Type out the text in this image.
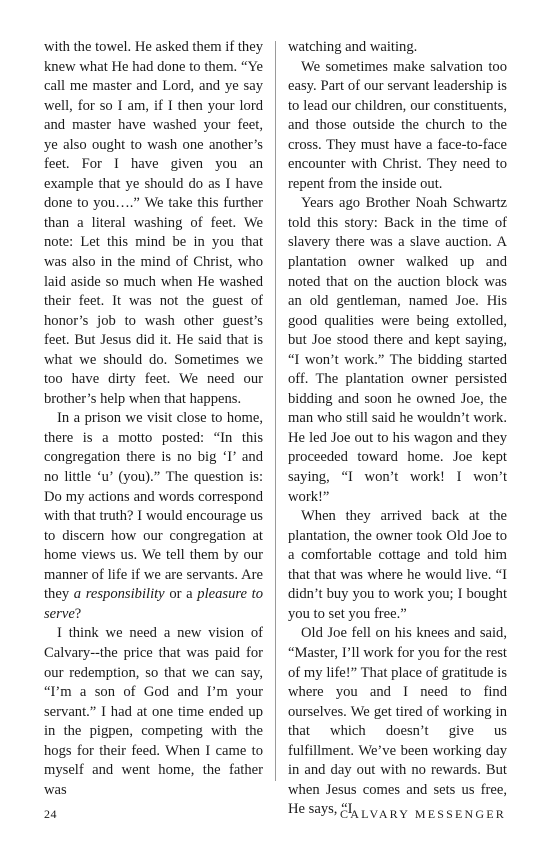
with the towel. He asked them if they knew what He had done to them. “Ye call me master and Lord, and ye say well, for so I am, if I then your lord and master have washed your feet, ye also ought to wash one another’s feet. For I have given you an example that ye should do as I have done to you….” We take this further than a literal washing of feet. We note: Let this mind be in you that was also in the mind of Christ, who laid aside so much when He washed their feet. It was not the guest of honor’s job to wash other guest’s feet. But Jesus did it. He said that is what we should do. Sometimes we too have dirty feet. We need our brother’s help when that happens.

In a prison we visit close to home, there is a motto posted: “In this congregation there is no big ‘I’ and no little ‘u’ (you).” The question is: Do my actions and words correspond with that truth? I would encourage us to discern how our congregation at home views us. We tell them by our manner of life if we are servants. Are they a responsibility or a pleasure to serve?

I think we need a new vision of Calvary--the price that was paid for our redemption, so that we can say, “I’m a son of God and I’m your servant.” I had at one time ended up in the pigpen, competing with the hogs for their feed. When I came to myself and went home, the father was

watching and waiting.

We sometimes make salvation too easy. Part of our servant leadership is to lead our children, our constituents, and those outside the church to the cross. They must have a face-to-face encounter with Christ. They need to repent from the inside out.

Years ago Brother Noah Schwartz told this story: Back in the time of slavery there was a slave auction. A plantation owner walked up and noted that on the auction block was an old gentleman, named Joe. His good qualities were being extolled, but Joe stood there and kept saying, “I won’t work.” The bidding started off. The plantation owner persisted bidding and soon he owned Joe, the man who still said he wouldn’t work. He led Joe out to his wagon and they proceeded toward home. Joe kept saying, “I won’t work! I won’t work!”

When they arrived back at the plantation, the owner took Old Joe to a comfortable cottage and told him that that was where he would live. “I didn’t buy you to work you; I bought you to set you free.”

Old Joe fell on his knees and said, “Master, I’ll work for you for the rest of my life!” That place of gratitude is where you and I need to find ourselves. We get tired of working in that which doesn’t give us fulfillment. We’ve been working day in and day out with no rewards. But when Jesus comes and sets us free, He says, “I

24	CALVARY MESSENGER
